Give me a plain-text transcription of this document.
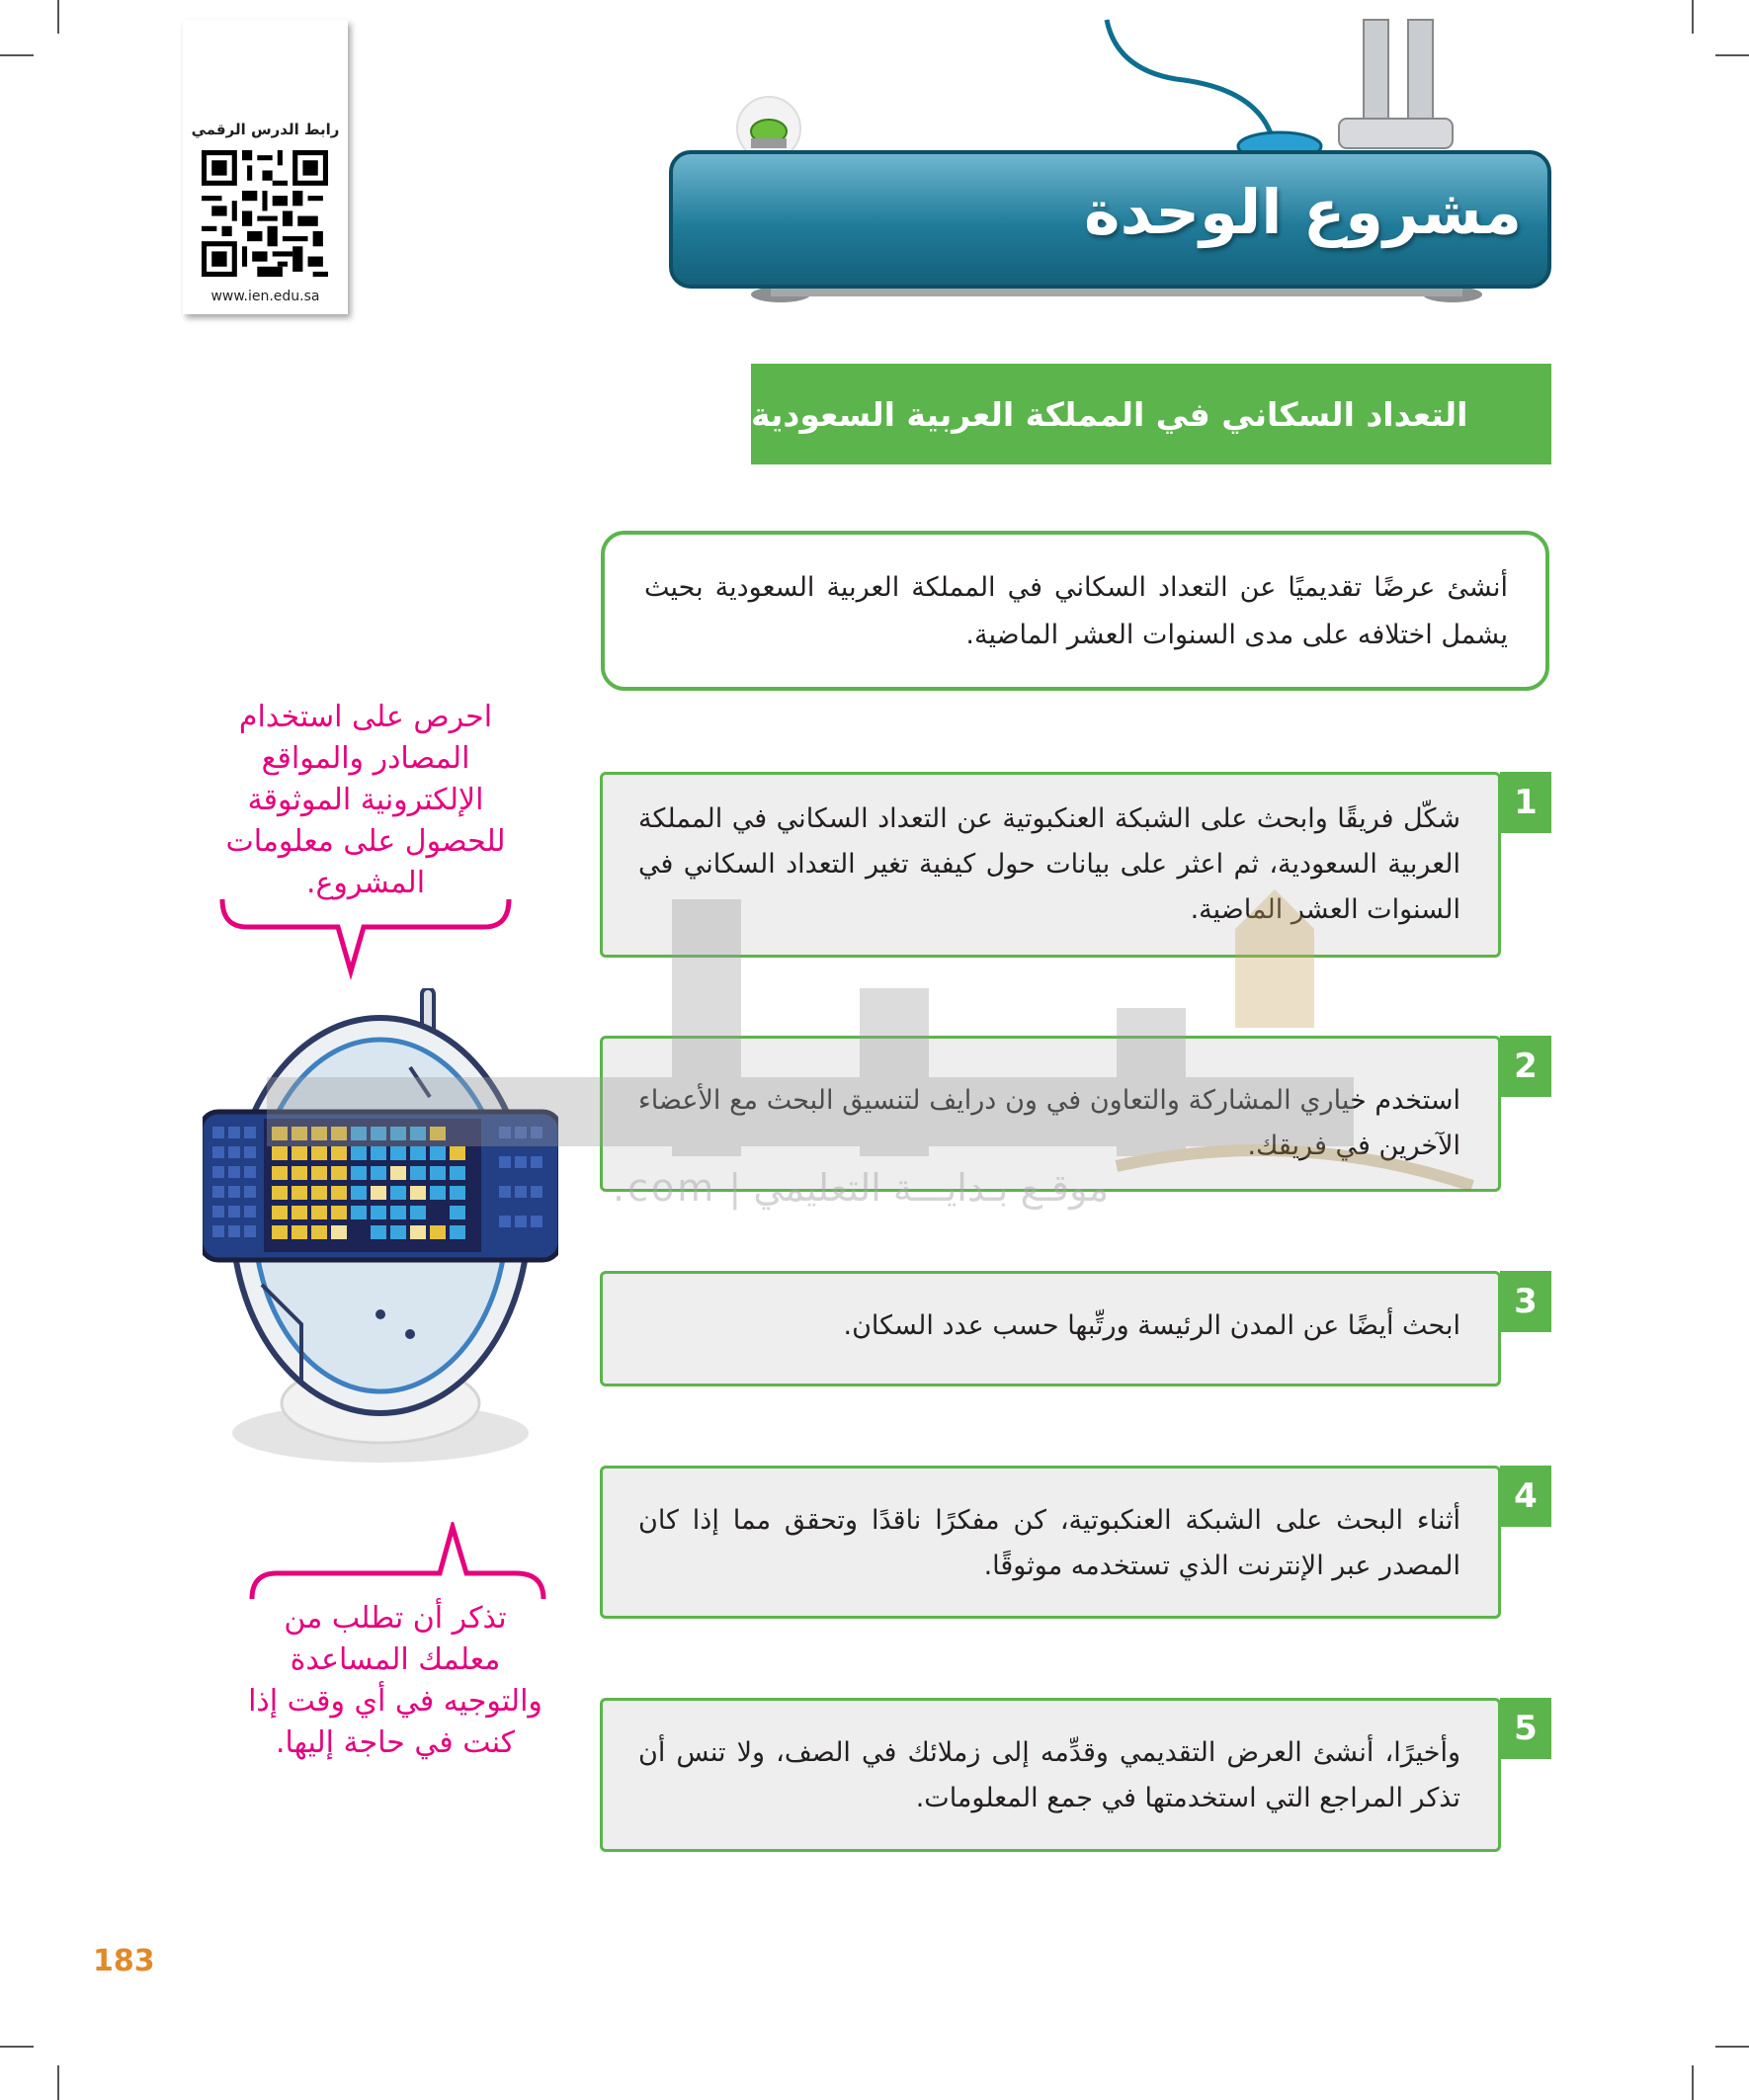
رابط الدرس الرقمي
www.ien.edu.sa
مشروع الوحدة
التعداد السكاني في المملكة العربية السعودية
أنشئ عرضًا تقديميًا عن التعداد السكاني في المملكة العربية السعودية بحيث يشمل اختلافه على مدى السنوات العشر الماضية.
1
شكّل فريقًا وابحث على الشبكة العنكبوتية عن التعداد السكاني في المملكة العربية السعودية، ثم اعثر على بيانات حول كيفية تغير التعداد السكاني في السنوات العشر الماضية.
2
استخدم خياري المشاركة والتعاون في ون درايف لتنسيق البحث مع الأعضاء الآخرين في فريقك.
3
ابحث أيضًا عن المدن الرئيسة ورتِّبها حسب عدد السكان.
4
أثناء البحث على الشبكة العنكبوتية، كن مفكرًا ناقدًا وتحقق مما إذا كان المصدر عبر الإنترنت الذي تستخدمه موثوقًا.
5
وأخيرًا، أنشئ العرض التقديمي وقدِّمه إلى زملائك في الصف، ولا تنس أن تذكر المراجع التي استخدمتها في جمع المعلومات.
احرص على استخدام المصادر والمواقع الإلكترونية الموثوقة للحصول على معلومات المشروع.
تذكر أن تطلب من معلمك المساعدة والتوجيه في أي وقت إذا كنت في حاجة إليها.
موقـع بـدايـــة التعليمي | com.
183
